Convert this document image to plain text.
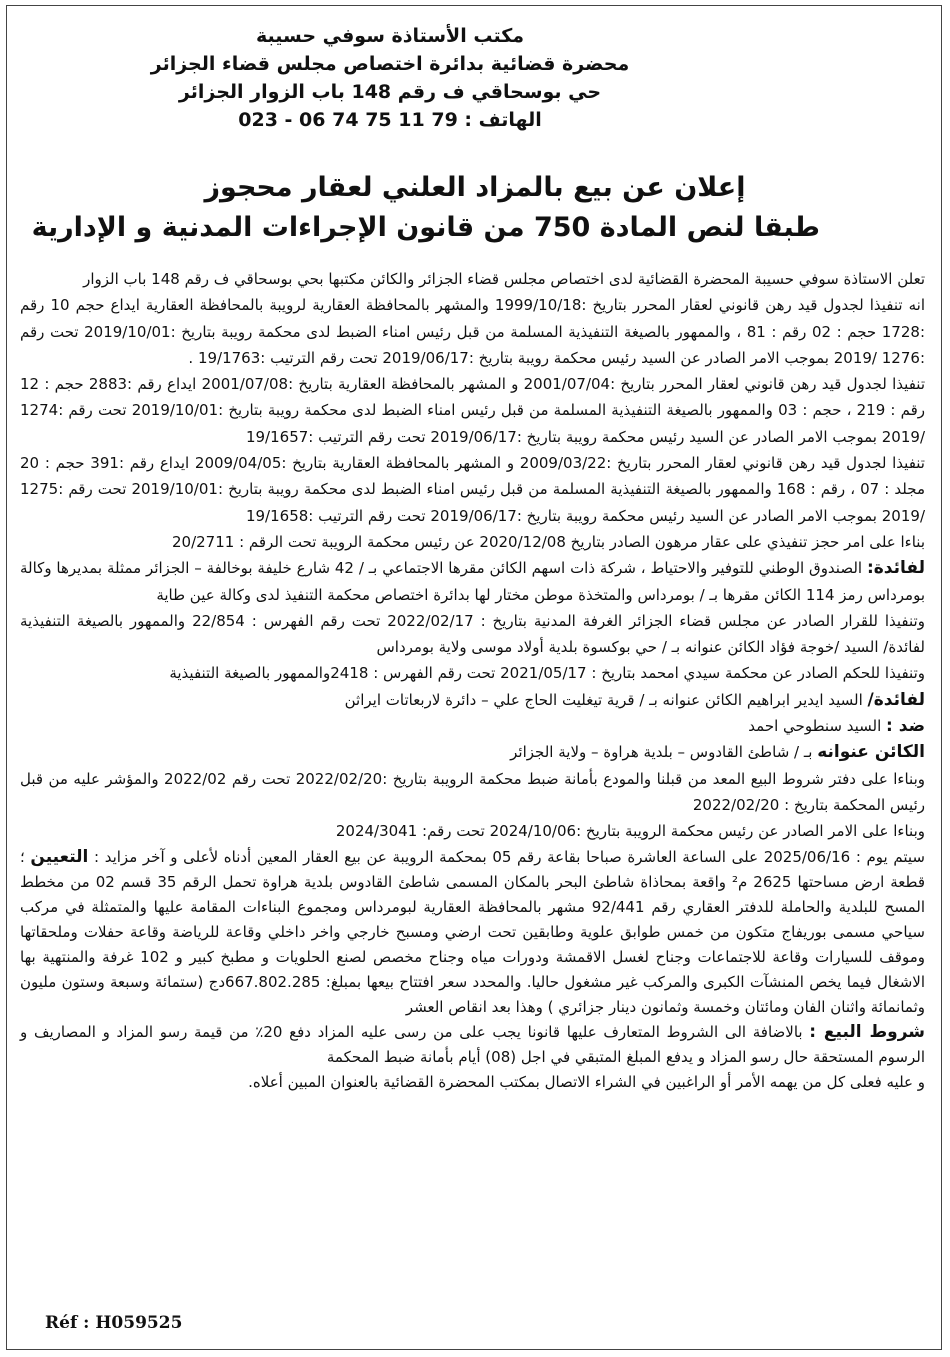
مكتب الأستاذة سوفي حسيبة
محضرة قضائية بدائرة اختصاص مجلس قضاء الجزائر
حي بوسحاقي ف رقم 148 باب الزوار الجزائر
الهاتف : 79 11 75 74 06 - 023
إعلان عن بيع بالمزاد العلني لعقار محجوز
طبقا لنص المادة 750 من قانون الإجراءات المدنية و الإدارية

تعلن الاستاذة سوفي حسيبة المحضرة القضائية لدى اختصاص مجلس قضاء الجزائر والكائن مكتبها بحي بوسحاقي ف رقم 148 باب الزوار

انه تنفيذا لجدول قيد رهن قانوني لعقار المحرر بتاريخ :1999/10/18 والمشهر بالمحافظة العقارية لرويبة بالمحافظة العقارية ايداع حجم 10 رقم :1728 حجم : 02 رقم : 81 ، والممهور بالصيغة التنفيذية المسلمة من قبل رئيس امناء الضبط لدى محكمة رويبة بتاريخ :2019/10/01 تحت رقم :1276 /2019 بموجب الامر الصادر عن السيد رئيس محكمة رويبة بتاريخ :2019/06/17 تحت رقم الترتيب :19/1763 .

تنفيذا لجدول قيد رهن قانوني لعقار المحرر بتاريخ :2001/07/04 و المشهر بالمحافظة العقارية بتاريخ :2001/07/08 ايداع رقم :2883 حجم : 12 رقم : 219 ، حجم : 03 والممهور بالصيغة التنفيذية المسلمة من قبل رئيس امناء الضبط لدى محكمة رويبة بتاريخ :2019/10/01 تحت رقم :1274 /2019 بموجب الامر الصادر عن السيد رئيس محكمة رويبة بتاريخ :2019/06/17 تحت رقم الترتيب :19/1657

تنفيذا لجدول قيد رهن قانوني لعقار المحرر بتاريخ :2009/03/22 و المشهر بالمحافظة العقارية بتاريخ :2009/04/05 ايداع رقم :391 حجم : 20 مجلد : 07 ، رقم : 168 والممهور بالصيغة التنفيذية المسلمة من قبل رئيس امناء الضبط لدى محكمة رويبة بتاريخ :2019/10/01 تحت رقم :1275 /2019 بموجب الامر الصادر عن السيد رئيس محكمة رويبة بتاريخ :2019/06/17 تحت رقم الترتيب :19/1658

بناءا على امر حجز تنفيذي على عقار مرهون الصادر بتاريخ 2020/12/08 عن رئيس محكمة الرويبة تحت الرقم : 20/2711

لفائدة: الصندوق الوطني للتوفير والاحتياط ، شركة ذات اسهم الكائن مقرها الاجتماعي بـ / 42 شارع خليفة بوخالفة – الجزائر ممثلة بمديرها وكالة بومرداس رمز 114 الكائن مقرها بـ / بومرداس والمتخذة موطن مختار لها بدائرة اختصاص محكمة التنفيذ لدى وكالة عين طاية

وتنفيذا للقرار الصادر عن مجلس قضاء الجزائر الغرفة المدنية بتاريخ : 2022/02/17 تحت رقم الفهرس : 22/854 والممهور بالصيغة التنفيذية لفائدة/ السيد /خوجة فؤاد الكائن عنوانه بـ / حي بوكسوة بلدية أولاد موسى ولاية بومرداس

وتنفيذا للحكم الصادر عن محكمة سيدي امحمد بتاريخ : 2021/05/17 تحت رقم الفهرس : 2418والممهور بالصيغة التنفيذية

لفائدة/ السيد ايدير ابراهيم الكائن عنوانه بـ / قرية تيغليت الحاج علي – دائرة لاربعاتات ايراثن

ضد : السيد سنطوحي احمد

الكائن عنوانه بـ / شاطئ القادوس – بلدية هراوة – ولاية الجزائر

وبناءا على دفتر شروط البيع المعد من قبلنا والمودع بأمانة ضبط محكمة الرويبة بتاريخ :2022/02/20 تحت رقم 2022/02 والمؤشر عليه من قبل رئيس المحكمة بتاريخ : 2022/02/20

وبناءا على الامر الصادر عن رئيس محكمة الرويبة بتاريخ :2024/10/06 تحت رقم: 2024/3041

سيتم يوم : 2025/06/16 على الساعة العاشرة صباحا بقاعة رقم 05 بمحكمة الرويبة عن بيع العقار المعين أدناه لأعلى و آخر مزايد : التعيين ؛ قطعة ارض مساحتها 2625 م² واقعة بمحاذاة شاطئ البحر بالمكان المسمى شاطئ القادوس بلدية هراوة تحمل الرقم 35 قسم 02 من مخطط المسح للبلدية والحاملة للدفتر العقاري رقم 92/441 مشهر بالمحافظة العقارية لبومرداس ومجموع البناءات المقامة عليها والمتمثلة في مركب سياحي مسمى بوريفاج متكون من خمس طوابق علوية وطابقين تحت ارضي ومسبح خارجي واخر داخلي وقاعة للرياضة وقاعة حفلات وملحقاتها وموقف للسيارات وقاعة للاجتماعات وجناح لغسل الاقمشة ودورات مياه وجناح مخصص لصنع الحلويات و مطبخ كبير و 102 غرفة والمنتهية بها الاشغال فيما يخص المنشآت الكبرى والمركب غير مشغول حاليا. والمحدد سعر افتتاح بيعها بمبلغ: 667.802.285دج (ستمائة وسبعة وستون مليون وثمانمائة واثنان الفان ومائتان وخمسة وثمانون دينار جزائري ) وهذا بعد انقاص العشر

شروط البيع : بالاضافة الى الشروط المتعارف عليها قانونا يجب على من رسى عليه المزاد دفع 20٪ من قيمة رسو المزاد و المصاريف و الرسوم المستحقة حال رسو المزاد و يدفع المبلغ المتبقي في اجل (08) أيام بأمانة ضبط المحكمة

و عليه فعلى كل من يهمه الأمر أو الراغبين في الشراء الاتصال بمكتب المحضرة القضائية بالعنوان المبين أعلاه.

Réf : H059525
